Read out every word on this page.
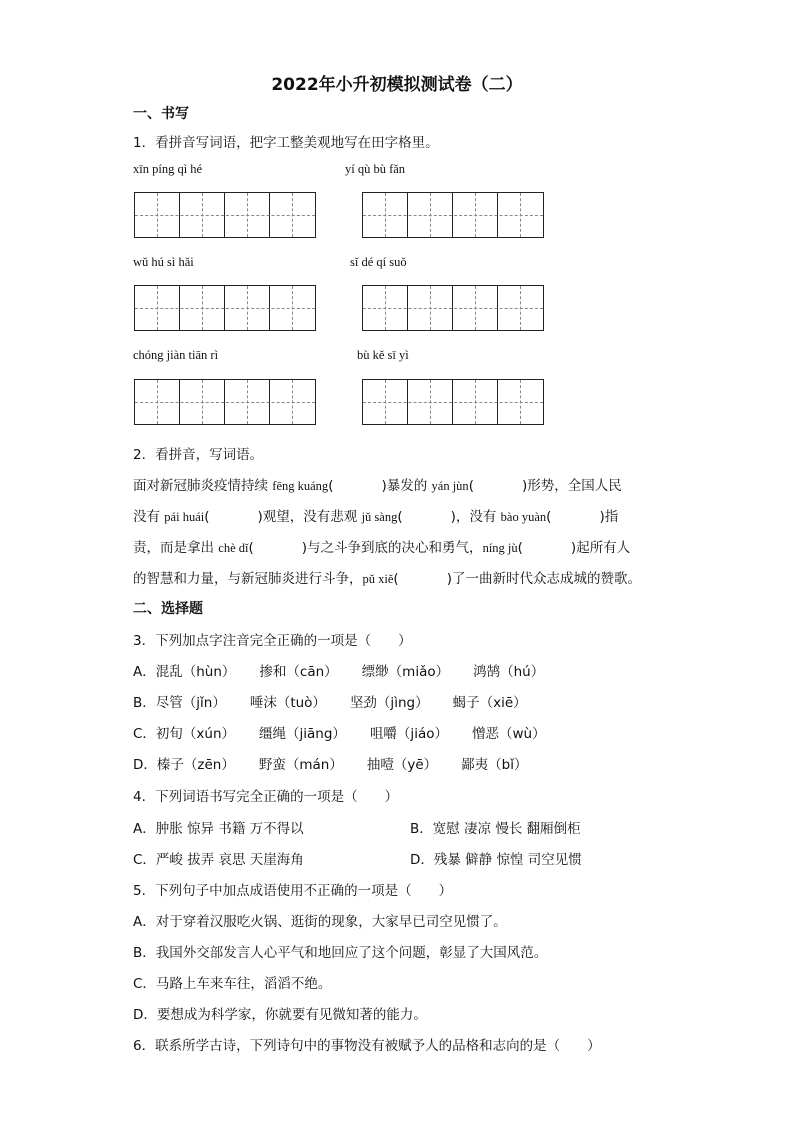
2022年小升初模拟测试卷（二）
一、书写
1．看拼音写词语，把字工整美观地写在田字格里。
xīn píng qì hé	yí qù bù fǎn
wǔ hú sì hǎi	sǐ dé qí suǒ
chóng jiàn tiān rì	bù kě sī yì
2．看拼音，写词语。
面对新冠肺炎疫情持续 fēng kuáng(	)暴发的 yán jùn(	)形势，全国人民
没有 pái huái(	)观望，没有悲观 jǔ sàng(	)，没有 bào yuàn(	)指
责，而是拿出 chè dǐ(	)与之斗争到底的决心和勇气，níng jù(	)起所有人
的智慧和力量，与新冠肺炎进行斗争，pǔ xiě(	)了一曲新时代众志成城的赞歌。
二、选择题
3．下列加点字注音完全正确的一项是（　　）
A．混乱（hùn） 掺和（cān） 缥缈（miǎo） 鸿鹄（hú）
B．尽管（jǐn） 唾沫（tuò） 坚劲（jìng） 蝎子（xiē）
C．初旬（xún） 缰绳（jiāng） 咀嚼（jiáo） 憎恶（wù）
D．榛子（zēn） 野蛮（mán） 抽噎（yē） 鄙夷（bǐ）
4．下列词语书写完全正确的一项是（　　）
A．肿胀 惊异 书籍 万不得以	B．宽慰 凄凉 慢长 翻厢倒柜
C．严峻 拔弄 哀思 天崖海角	D．残暴 僻静 惊惶 司空见惯
5．下列句子中加点成语使用不正确的一项是（　　）
A．对于穿着汉服吃火锅、逛街的现象，大家早已司空见惯了。
B．我国外交部发言人心平气和地回应了这个问题，彰显了大国风范。
C．马路上车来车往，滔滔不绝。
D．要想成为科学家，你就要有见微知著的能力。
6．联系所学古诗，下列诗句中的事物没有被赋予人的品格和志向的是（　　）
